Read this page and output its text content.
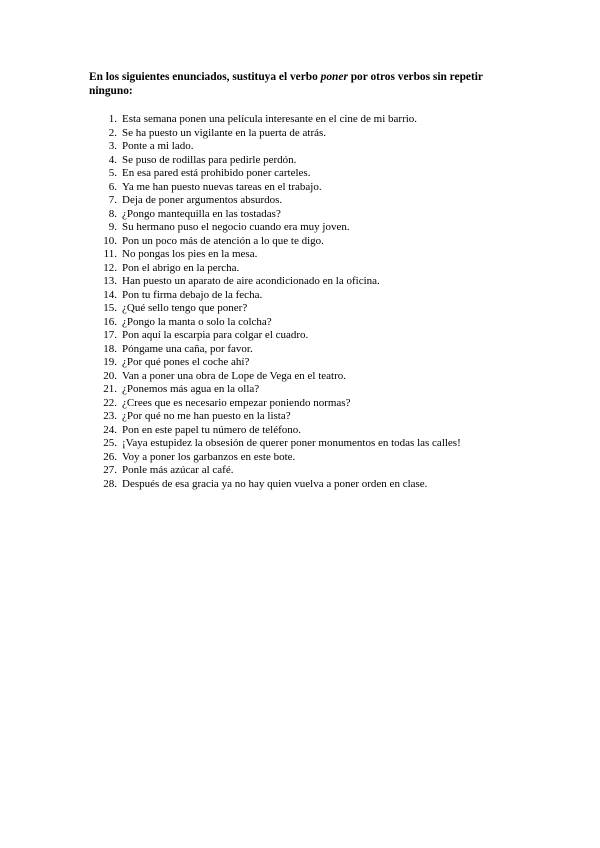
En los siguientes enunciados, sustituya el verbo poner por otros verbos sin repetir ninguno:

1. Esta semana ponen una película interesante en el cine de mi barrio.
2. Se ha puesto un vigilante en la puerta de atrás.
3. Ponte a mi lado.
4. Se puso de rodillas para pedirle perdón.
5. En esa pared está prohibido poner carteles.
6. Ya me han puesto nuevas tareas en el trabajo.
7. Deja de poner argumentos absurdos.
8. ¿Pongo mantequilla en las tostadas?
9. Su hermano puso el negocio cuando era muy joven.
10. Pon un poco más de atención a lo que te digo.
11. No pongas los pies en la mesa.
12. Pon el abrigo en la percha.
13. Han puesto un aparato de aire acondicionado en la oficina.
14. Pon tu firma debajo de la fecha.
15. ¿Qué sello tengo que poner?
16. ¿Pongo la manta o solo la colcha?
17. Pon aquí la escarpia para colgar el cuadro.
18. Póngame una caña, por favor.
19. ¿Por qué pones el coche ahí?
20. Van a poner una obra de Lope de Vega en el teatro.
21. ¿Ponemos más agua en la olla?
22. ¿Crees que es necesario empezar poniendo normas?
23. ¿Por qué no me han puesto en la lista?
24. Pon en este papel tu número de teléfono.
25. ¡Vaya estupidez la obsesión de querer poner monumentos en todas las calles!
26. Voy a poner los garbanzos en este bote.
27. Ponle más azúcar al café.
28. Después de esa gracia ya no hay quien vuelva a poner orden en clase.
